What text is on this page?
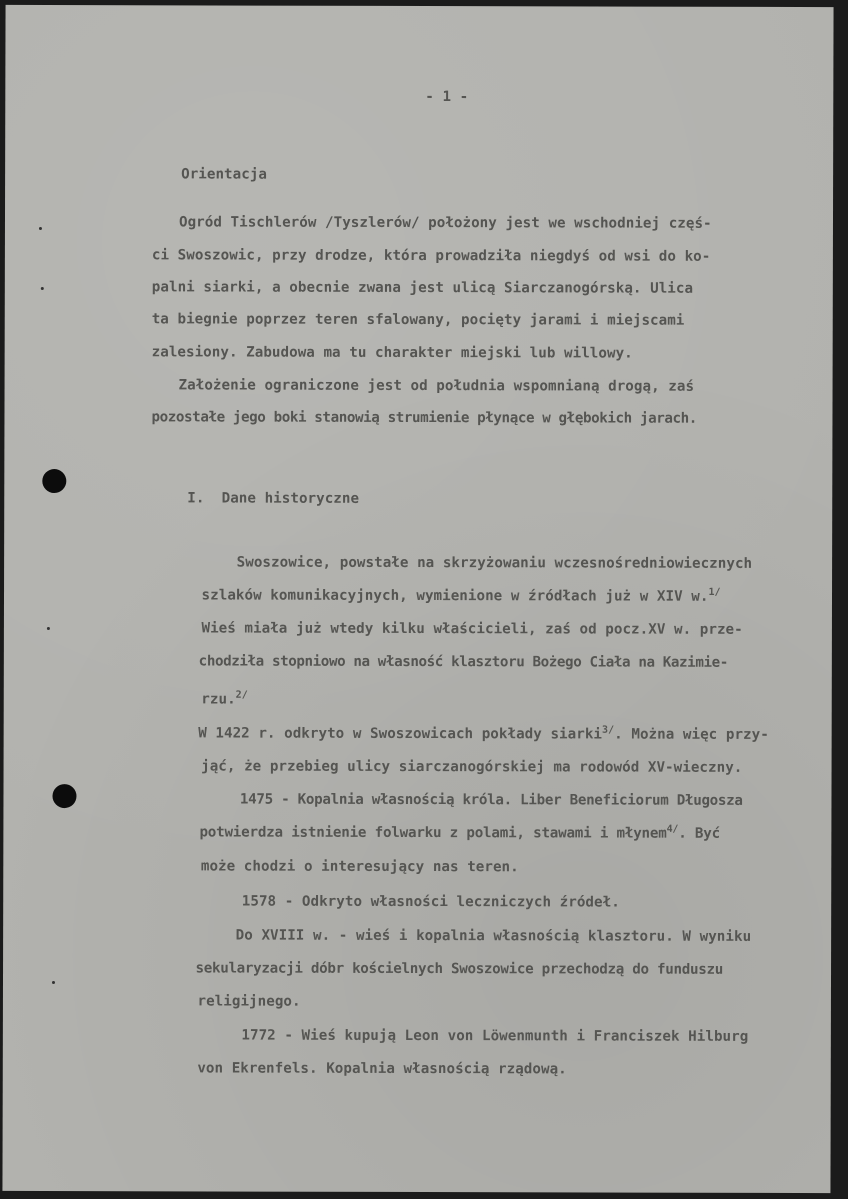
- 1 -
Orientacja
Ogród Tischlerów /Tyszlerów/ położony jest we wschodniej częś-
ci Swoszowic, przy drodze, która prowadziła niegdyś od wsi do ko-
palni siarki, a obecnie zwana jest ulicą Siarczanogórską. Ulica
ta biegnie poprzez teren sfalowany, pocięty jarami i miejscami
zalesiony. Zabudowa ma tu charakter miejski lub willowy.
Założenie ograniczone jest od południa wspomnianą drogą, zaś
pozostałe jego boki stanowią strumienie płynące w głębokich jarach.
I.  Dane historyczne

Swoszowice, powstałe na skrzyżowaniu wczesnośredniowiecznych

szlaków komunikacyjnych, wymienione w źródłach już w XIV w.$^{1/}$

Wieś miała już wtedy kilku właścicieli, zaś od pocz.XV w. prze-

chodziła stopniowo na własność klasztoru Bożego Ciała na Kazimie-

rzu.$^{2/}$

W 1422 r. odkryto w Swoszowicach pokłady siarki$^{3/}$. Można więc przy-

jąć, że przebieg ulicy siarczanogórskiej ma rodowód XV-wieczny.

1475 - Kopalnia własnością króla. Liber Beneficiorum Długosza

potwierdza istnienie folwarku z polami, stawami i młynem$^{4/}$. Być

może chodzi o interesujący nas teren.

1578 - Odkryto własności leczniczych źródeł.

Do XVIII w. - wieś i kopalnia własnością klasztoru. W wyniku

sekularyzacji dóbr kościelnych Swoszowice przechodzą do funduszu

religijnego.

1772 - Wieś kupują Leon von Löwenmunth i Franciszek Hilburg

von Ekrenfels. Kopalnia własnością rządową.
